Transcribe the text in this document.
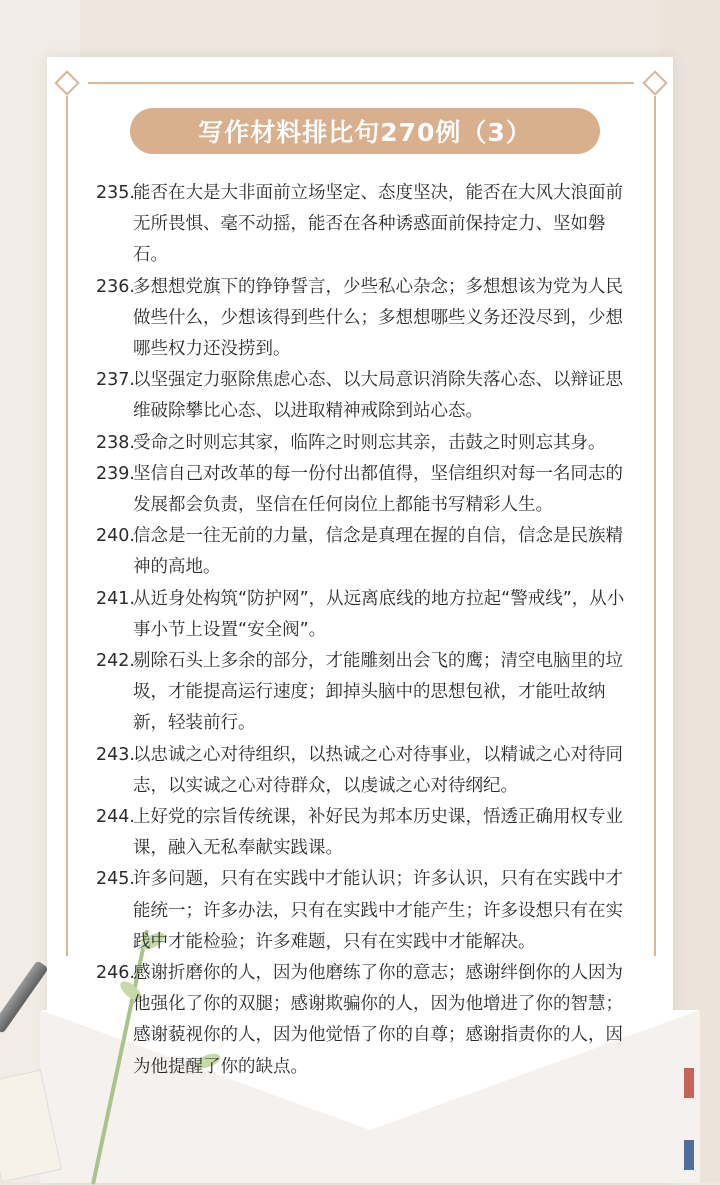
写作材料排比句270例（3）
235.
能否在大是大非面前立场坚定、态度坚决，能否在大风大浪面前无所畏惧、毫不动摇，能否在各种诱惑面前保持定力、坚如磐石。
236.
多想想党旗下的铮铮誓言，少些私心杂念；多想想该为党为人民做些什么，少想该得到些什么；多想想哪些义务还没尽到，少想哪些权力还没捞到。
237.
以坚强定力驱除焦虑心态、以大局意识消除失落心态、以辩证思维破除攀比心态、以进取精神戒除到站心态。
238.
受命之时则忘其家，临阵之时则忘其亲，击鼓之时则忘其身。
239.
坚信自己对改革的每一份付出都值得，坚信组织对每一名同志的发展都会负责，坚信在任何岗位上都能书写精彩人生。
240.
信念是一往无前的力量，信念是真理在握的自信，信念是民族精神的高地。
241.
从近身处构筑“防护网”，从远离底线的地方拉起“警戒线”，从小事小节上设置“安全阀”。
242.
剔除石头上多余的部分，才能雕刻出会飞的鹰；清空电脑里的垃圾，才能提高运行速度；卸掉头脑中的思想包袱，才能吐故纳新，轻装前行。
243.
以忠诚之心对待组织，以热诚之心对待事业，以精诚之心对待同志，以实诚之心对待群众，以虔诚之心对待纲纪。
244.
上好党的宗旨传统课，补好民为邦本历史课，悟透正确用权专业课，融入无私奉献实践课。
245.
许多问题，只有在实践中才能认识；许多认识，只有在实践中才能统一；许多办法，只有在实践中才能产生；许多设想只有在实践中才能检验；许多难题，只有在实践中才能解决。
246.
感谢折磨你的人，因为他磨练了你的意志；感谢绊倒你的人因为他强化了你的双腿；感谢欺骗你的人，因为他增进了你的智慧；感谢藐视你的人，因为他觉悟了你的自尊；感谢指责你的人，因为他提醒了你的缺点。
